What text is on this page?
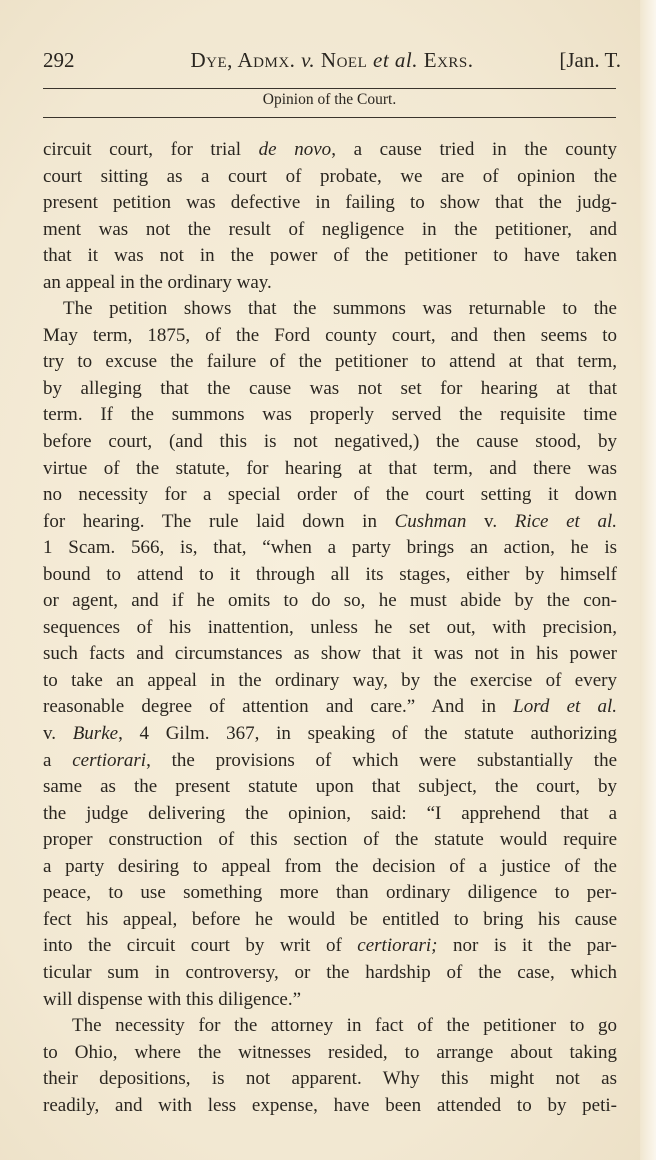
292	Dye, Admx. v. Noel et al. Exrs.	[Jan. T.
Opinion of the Court.
circuit court, for trial de novo, a cause tried in the county
court sitting as a court of probate, we are of opinion the
present petition was defective in failing to show that the judg-
ment was not the result of negligence in the petitioner, and
that it was not in the power of the petitioner to have taken
an appeal in the ordinary way.
The petition shows that the summons was returnable to the
May term, 1875, of the Ford county court, and then seems to
try to excuse the failure of the petitioner to attend at that term,
by alleging that the cause was not set for hearing at that
term. If the summons was properly served the requisite time
before court, (and this is not negatived,) the cause stood, by
virtue of the statute, for hearing at that term, and there was
no necessity for a special order of the court setting it down
for hearing. The rule laid down in Cushman v. Rice et al.
1 Scam. 566, is, that, “when a party brings an action, he is
bound to attend to it through all its stages, either by himself
or agent, and if he omits to do so, he must abide by the con-
sequences of his inattention, unless he set out, with precision,
such facts and circumstances as show that it was not in his power
to take an appeal in the ordinary way, by the exercise of every
reasonable degree of attention and care.” And in Lord et al.
v. Burke, 4 Gilm. 367, in speaking of the statute authorizing
a certiorari, the provisions of which were substantially the
same as the present statute upon that subject, the court, by
the judge delivering the opinion, said: “I apprehend that a
proper construction of this section of the statute would require
a party desiring to appeal from the decision of a justice of the
peace, to use something more than ordinary diligence to per-
fect his appeal, before he would be entitled to bring his cause
into the circuit court by writ of certiorari; nor is it the par-
ticular sum in controversy, or the hardship of the case, which
will dispense with this diligence.”
The necessity for the attorney in fact of the petitioner to go
to Ohio, where the witnesses resided, to arrange about taking
their depositions, is not apparent. Why this might not as
readily, and with less expense, have been attended to by peti-
